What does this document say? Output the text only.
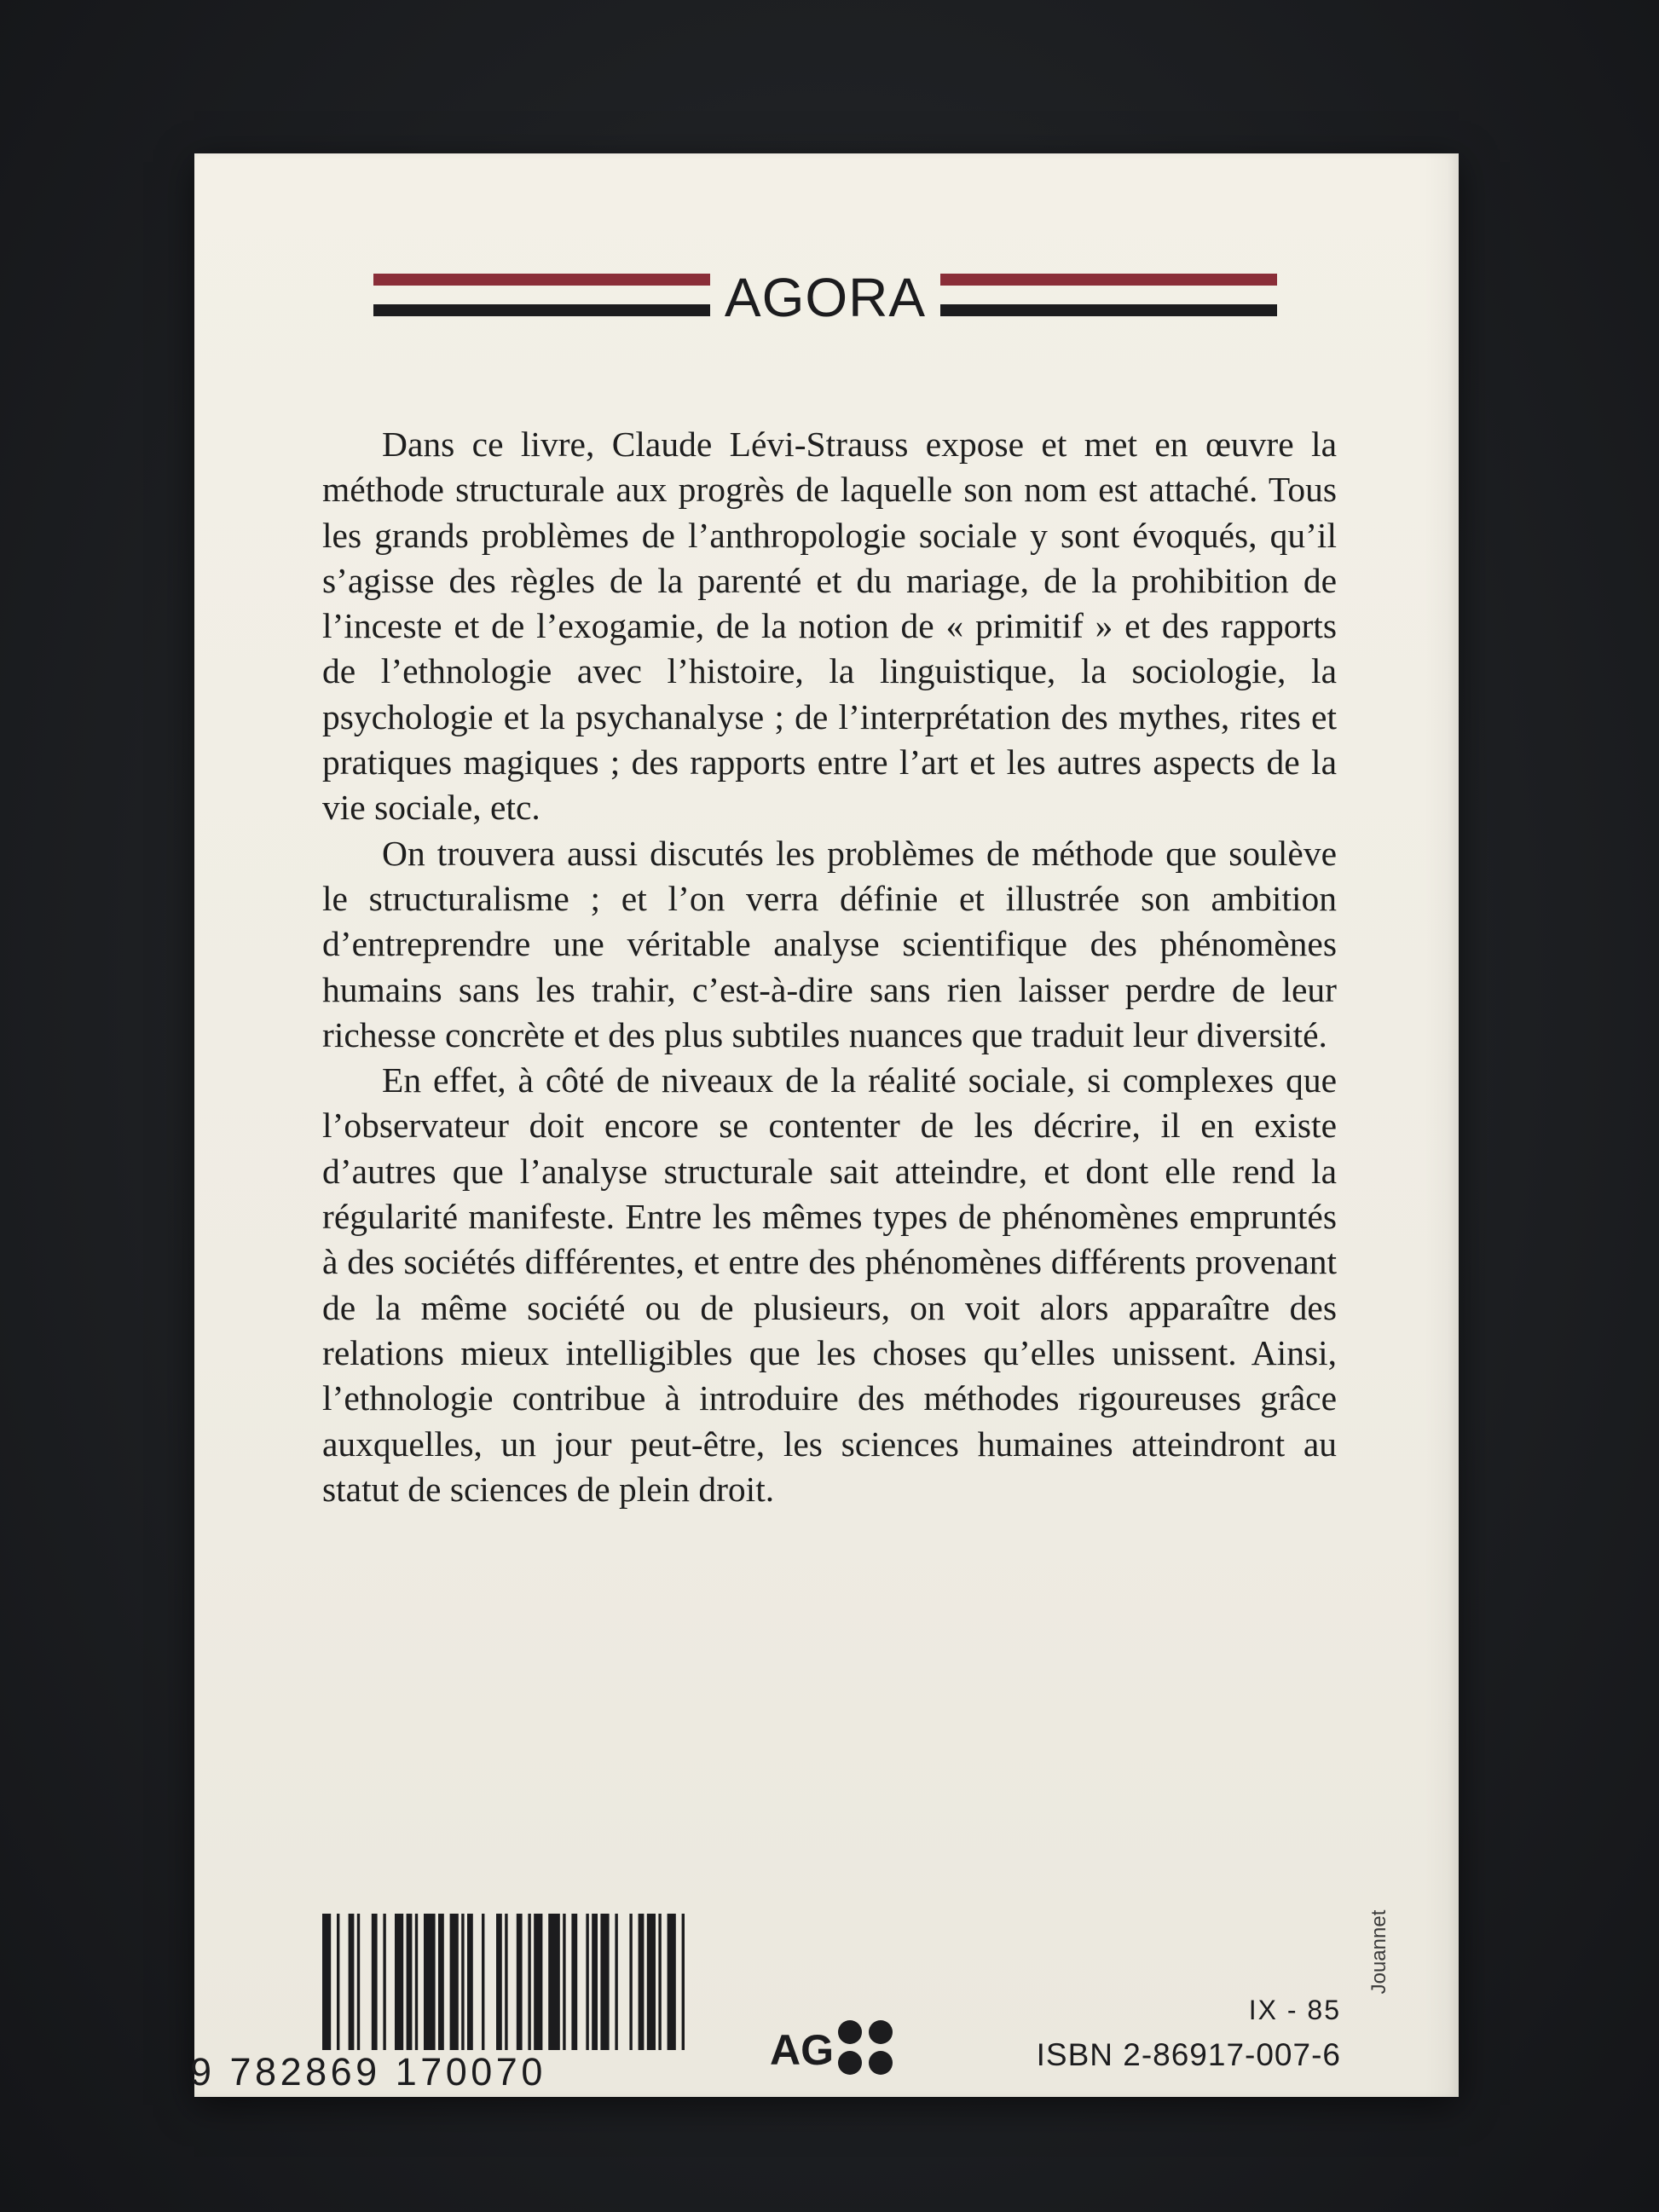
AGORA

Dans ce livre, Claude Lévi-Strauss expose et met en œuvre la méthode structurale aux progrès de laquelle son nom est attaché. Tous les grands problèmes de l’anthropologie sociale y sont évoqués, qu’il s’agisse des règles de la parenté et du mariage, de la prohibition de l’inceste et de l’exogamie, de la notion de « primitif » et des rapports de l’ethnologie avec l’histoire, la linguistique, la sociologie, la psychologie et la psychanalyse ; de l’interprétation des mythes, rites et pratiques magiques ; des rapports entre l’art et les autres aspects de la vie sociale, etc.

On trouvera aussi discutés les problèmes de méthode que soulève le structuralisme ; et l’on verra définie et illustrée son ambition d’entreprendre une véritable analyse scientifique des phénomènes humains sans les trahir, c’est-à-dire sans rien laisser perdre de leur richesse concrète et des plus subtiles nuances que traduit leur diversité.

En effet, à côté de niveaux de la réalité sociale, si complexes que l’observateur doit encore se contenter de les décrire, il en existe d’autres que l’analyse structurale sait atteindre, et dont elle rend la régularité manifeste. Entre les mêmes types de phénomènes empruntés à des sociétés différentes, et entre des phénomènes différents provenant de la même société ou de plusieurs, on voit alors apparaître des relations mieux intelligibles que les choses qu’elles unissent. Ainsi, l’ethnologie contribue à introduire des méthodes rigoureuses grâce auxquelles, un jour peut-être, les sciences humaines atteindront au statut de sciences de plein droit.

Jouannet
9 782869 170070	AG
IX - 85
ISBN 2-86917-007-6
